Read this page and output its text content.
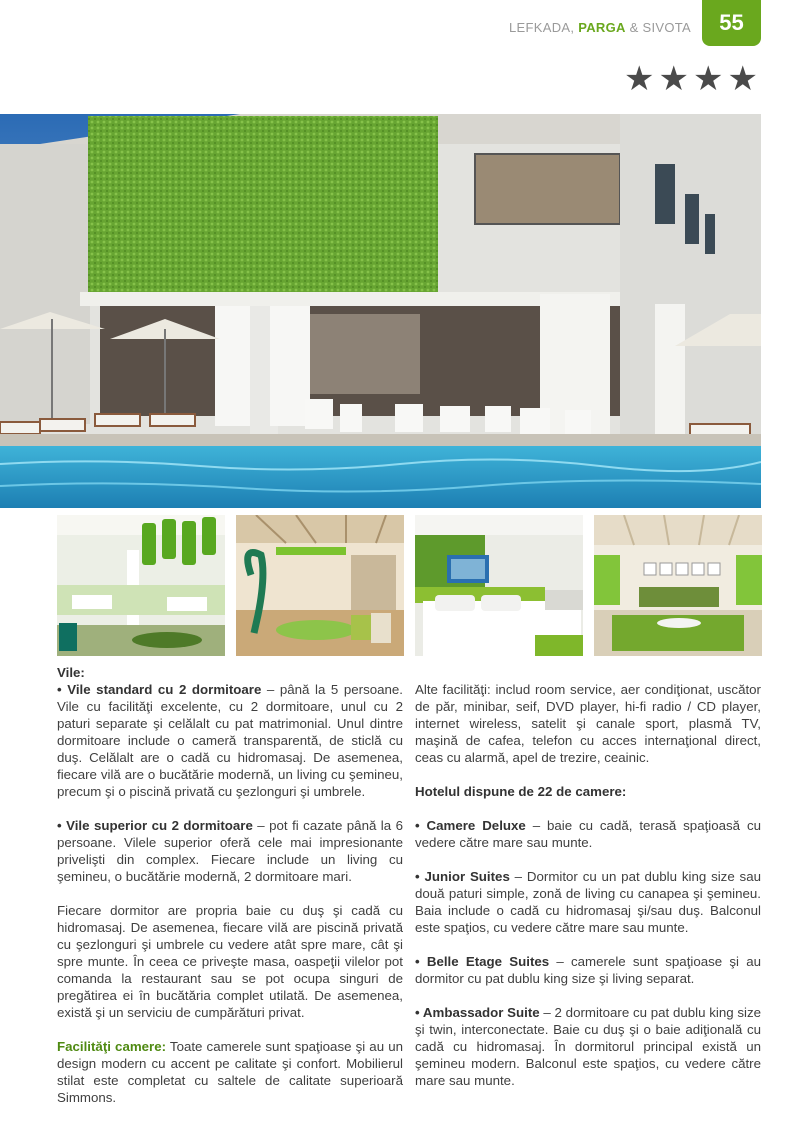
LEFKADA, PARGA & SIVOTA	55
★ ★ ★ ★

Vile:

• Vile standard cu 2 dormitoare – până la 5 persoane. Vile cu facilităţi excelente, cu 2 dormitoare, unul cu 2 paturi separate şi celălalt cu pat matrimonial. Unul dintre dormitoare include o cameră transparentă, de sticlă cu duş. Celălalt are o cadă cu hidromasaj. De asemenea, fiecare vilă are o bucătărie modernă, un living cu şemineu, precum şi o piscină privată cu şezlonguri şi umbrele.

• Vile superior cu 2 dormitoare – pot fi cazate până la 6 persoane. Vilele superior oferă cele mai impresionante privelişti din complex. Fiecare include un living cu şemineu, o bucătărie modernă, 2 dormitoare mari.

Fiecare dormitor are propria baie cu duş şi cadă cu hidromasaj. De asemenea, fiecare vilă are piscină privată cu şezlonguri şi umbrele cu vedere atât spre mare, cât şi spre munte. În ceea ce priveşte masa, oaspeţii vilelor pot comanda la restaurant sau se pot ocupa singuri de pregătirea ei în bucătăria complet utilată. De asemenea, există şi un serviciu de cumpărături privat.

Facilităţi camere: Toate camerele sunt spaţioase şi au un design modern cu accent pe calitate şi confort. Mobilierul stilat este completat cu saltele de calitate superioară Simmons.

Alte facilităţi: includ room service, aer condiţionat, uscător de păr, minibar, seif, DVD player, hi-fi radio / CD player, internet wireless, satelit şi canale sport, plasmă TV, maşină de cafea, telefon cu acces internaţional direct, ceas cu alarmă, apel de trezire, ceainic.

Hotelul dispune de 22 de camere:

• Camere Deluxe – baie cu cadă, terasă spaţioasă cu vedere către mare sau munte.

• Junior Suites – Dormitor cu un pat dublu king size sau două paturi simple, zonă de living cu canapea şi şemineu. Baia include o cadă cu hidromasaj şi/sau duş. Balconul este spaţios, cu vedere către mare sau munte.

• Belle Etage Suites – camerele sunt spaţioase şi au dormitor cu pat dublu king size şi living separat.

• Ambassador Suite – 2 dormitoare cu pat dublu king size şi twin, interconectate. Baie cu duş şi o baie adiţională cu cadă cu hidromasaj. În dormitorul principal există un şemineu modern. Balconul este spaţios, cu vedere către mare sau munte.
